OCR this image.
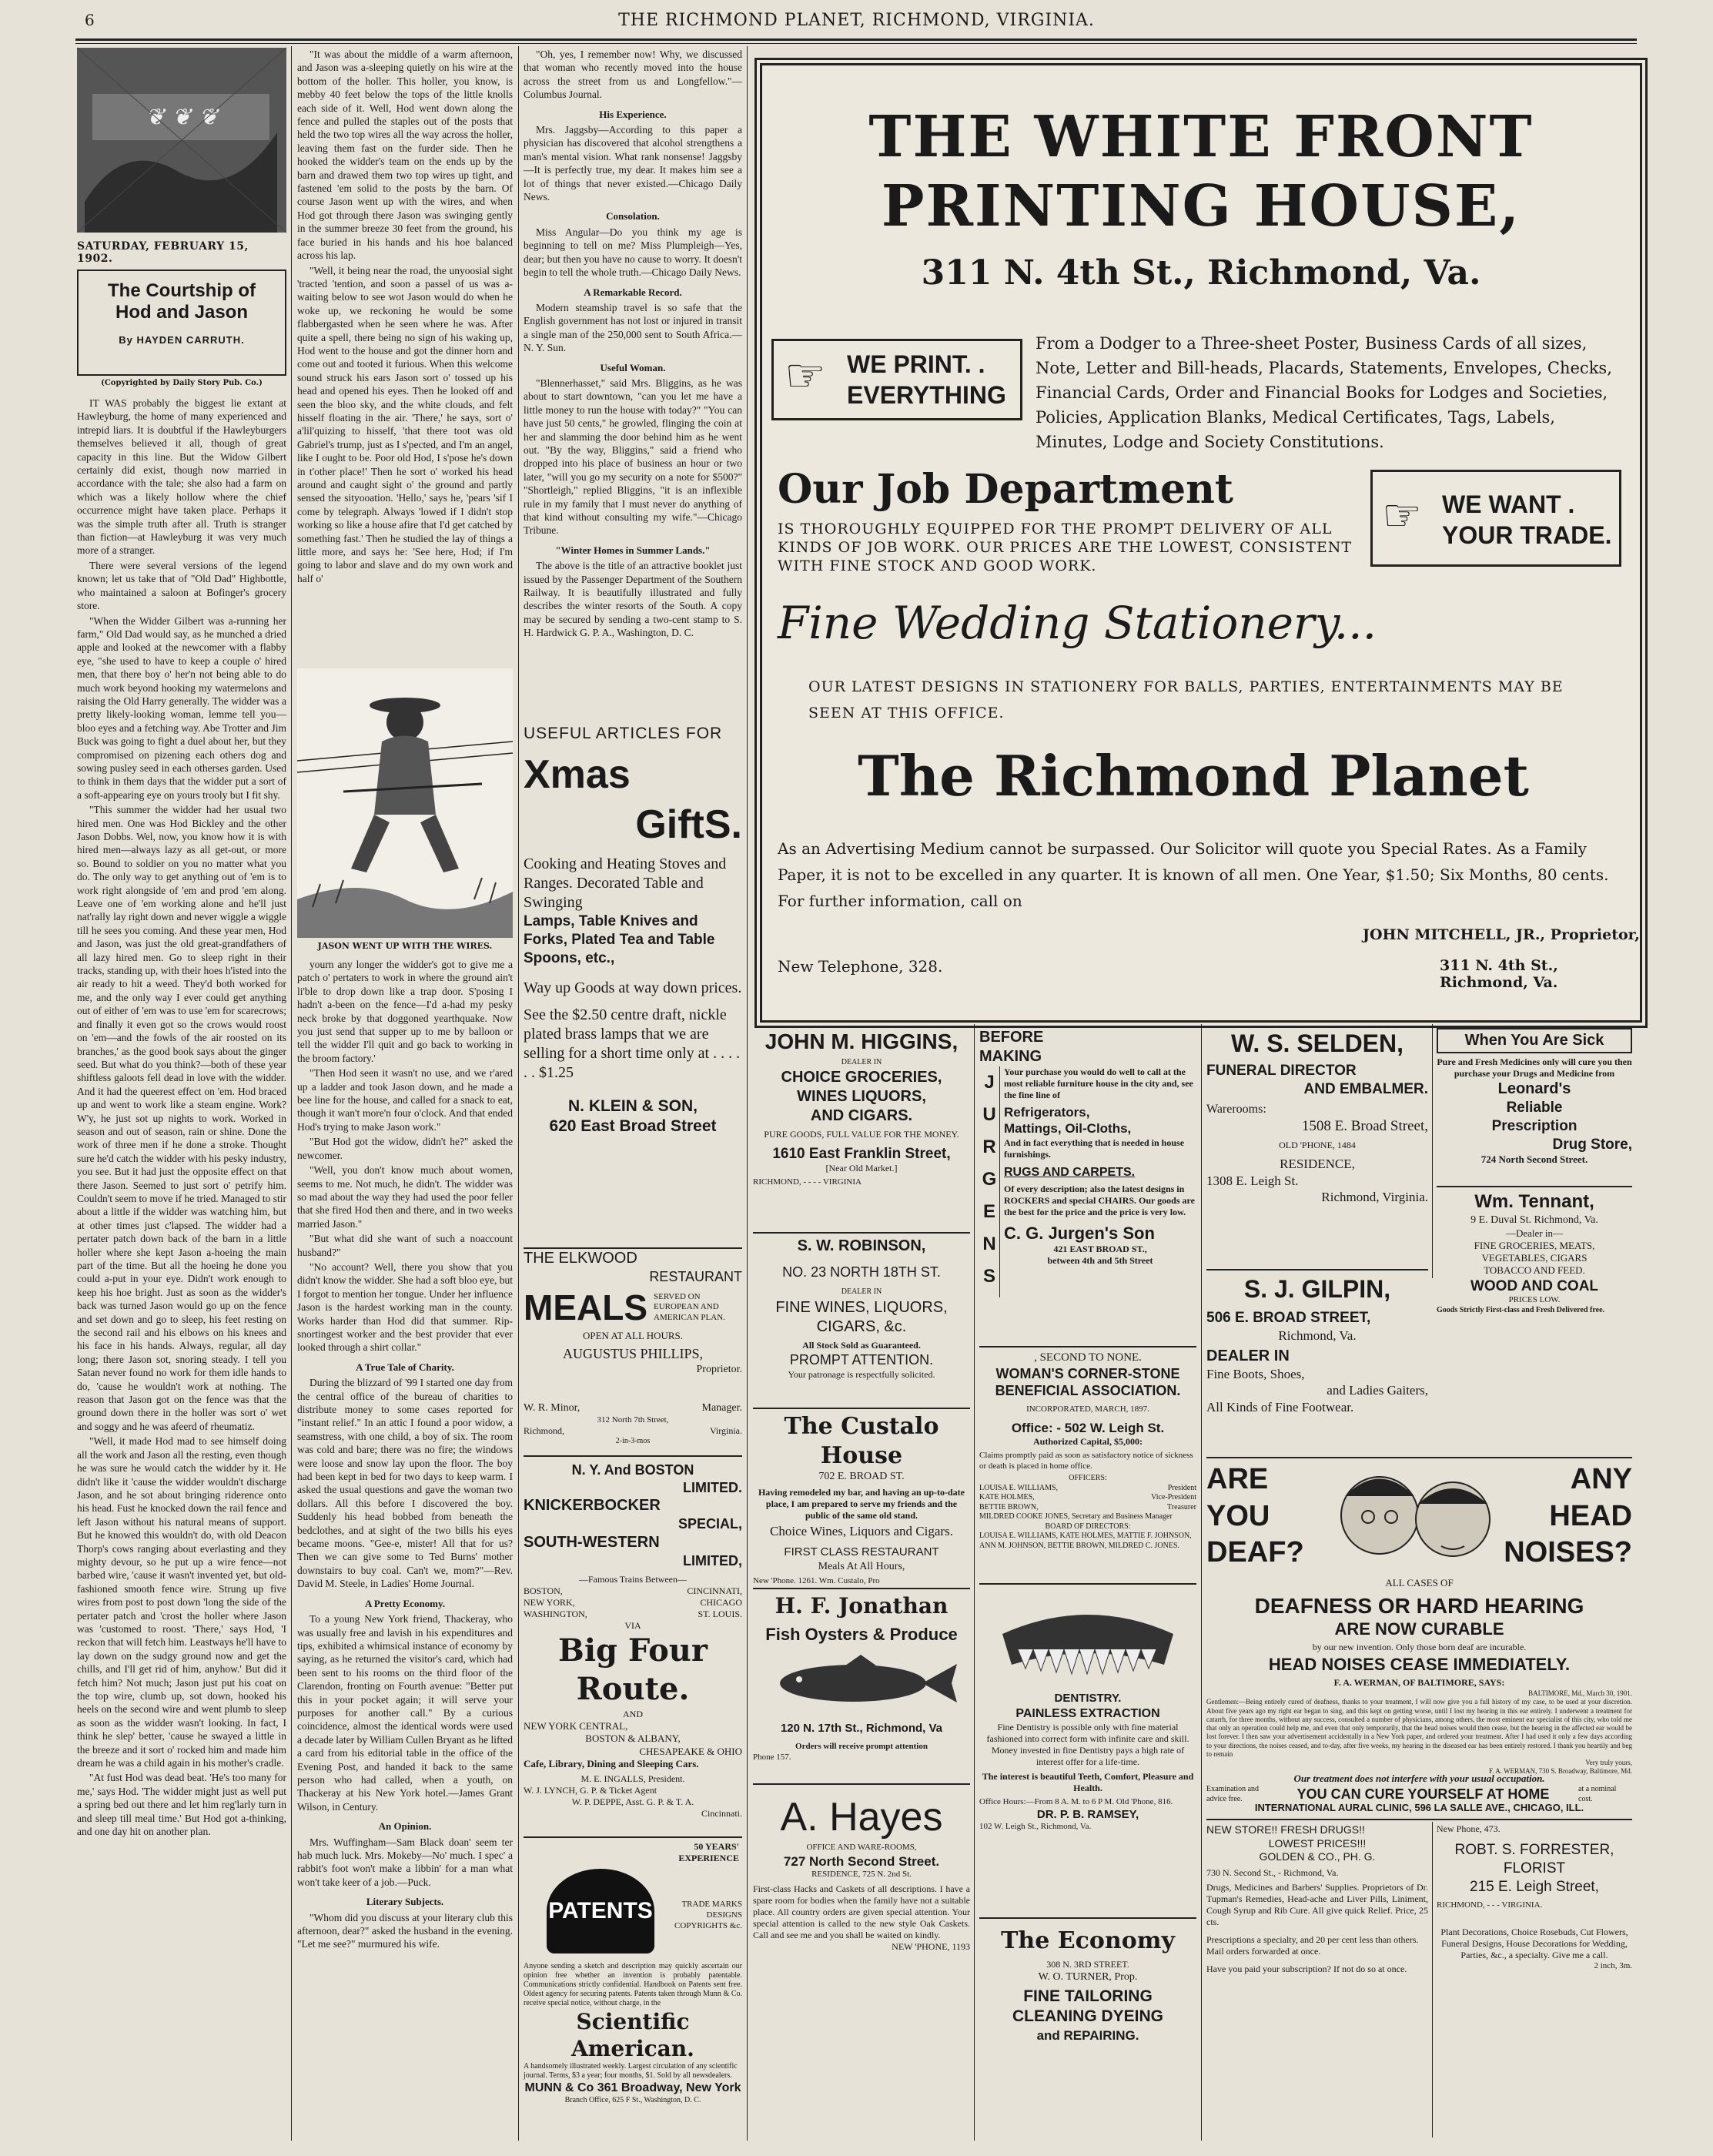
6	THE RICHMOND PLANET, RICHMOND, VIRGINIA.
❦ ❦ ❦
SATURDAY, FEBRUARY 15, 1902.
The Courtship of
Hod and Jason
By HAYDEN CARRUTH.
(Copyrighted by Daily Story Pub. Co.)

IT WAS probably the biggest lie extant at Hawleyburg, the home of many experienced and intrepid liars. It is doubtful if the Hawleyburgers themselves believed it all, though of great capacity in this line. But the Widow Gilbert certainly did exist, though now married in accordance with the tale; she also had a farm on which was a likely hollow where the chief occurrence might have taken place. Perhaps it was the simple truth after all. Truth is stranger than fiction—at Hawleyburg it was very much more of a stranger.

There were several versions of the legend known; let us take that of "Old Dad" Highbottle, who maintained a saloon at Bofinger's grocery store.

"When the Widder Gilbert was a-running her farm," Old Dad would say, as he munched a dried apple and looked at the newcomer with a flabby eye, "she used to have to keep a couple o' hired men, that there boy o' her'n not being able to do much work beyond hooking my watermelons and raising the Old Harry generally. The widder was a pretty likely-looking woman, lemme tell you—bloo eyes and a fetching way. Abe Trotter and Jim Buck was going to fight a duel about her, but they compromised on pizening each others dog and sowing pusley seed in each otherses garden. Used to think in them days that the widder put a sort of a soft-appearing eye on yours trooly but I fit shy.

"This summer the widder had her usual two hired men. One was Hod Bickley and the other Jason Dobbs. Wel, now, you know how it is with hired men—always lazy as all get-out, or more so. Bound to soldier on you no matter what you do. The only way to get anything out of 'em is to work right alongside of 'em and prod 'em along. Leave one of 'em working alone and he'll just nat'rally lay right down and never wiggle a wiggle till he sees you coming. And these year men, Hod and Jason, was just the old great-grandfathers of all lazy hired men. Go to sleep right in their tracks, standing up, with their hoes h'isted into the air ready to hit a weed. They'd both worked for me, and the only way I ever could get anything out of either of 'em was to use 'em for scarecrows; and finally it even got so the crows would roost on 'em—and the fowls of the air roosted on its branches,' as the good book says about the ginger seed. But what do you think?—both of these year shiftless galoots fell dead in love with the widder. And it had the queerest effect on 'em. Hod braced up and went to work like a steam engine. Work? W'y, he just sot up nights to work. Worked in season and out of season, rain or shine. Done the work of three men if he done a stroke. Thought sure he'd catch the widder with his pesky industry, you see. But it had just the opposite effect on that there Jason. Seemed to just sort o' petrify him. Couldn't seem to move if he tried. Managed to stir about a little if the widder was watching him, but at other times just c'lapsed. The widder had a pertater patch down back of the barn in a little holler where she kept Jason a-hoeing the main part of the time. But all the hoeing he done you could a-put in your eye. Didn't work enough to keep his hoe bright. Just as soon as the widder's back was turned Jason would go up on the fence and set down and go to sleep, his feet resting on the second rail and his elbows on his knees and his face in his hands. Always, regular, all day long; there Jason sot, snoring steady. I tell you Satan never found no work for them idle hands to do, 'cause he wouldn't work at nothing. The reason that Jason got on the fence was that the ground down there in the holler was sort o' wet and soggy and he was afeerd of rheumatiz.

"Well, it made Hod mad to see himself doing all the work and Jason all the resting, even though he was sure he would catch the widder by it. He didn't like it 'cause the widder wouldn't discharge Jason, and he sot about bringing riderence onto his head. Fust he knocked down the rail fence and left Jason without his natural means of support. But he knowed this wouldn't do, with old Deacon Thorp's cows ranging about everlasting and they mighty devour, so he put up a wire fence—not barbed wire, 'cause it wasn't invented yet, but old-fashioned smooth fence wire. Strung up five wires from post to post down 'long the side of the pertater patch and 'crost the holler where Jason was 'customed to roost. 'There,' says Hod, 'I reckon that will fetch him. Leastways he'll have to lay down on the sudgy ground now and get the chills, and I'll get rid of him, anyhow.' But did it fetch him? Not much; Jason just put his coat on the top wire, clumb up, sot down, hooked his heels on the second wire and went plumb to sleep as soon as the widder wasn't looking. In fact, I think he slep' better, 'cause he swayed a little in the breeze and it sort o' rocked him and made him dream he was a child again in his mother's cradle.

"At fust Hod was dead beat. 'He's too many for me,' says Hod. 'The widder might just as well put a spring bed out there and let him reg'larly turn in and sleep till meal time.' But Hod got a-thinking, and one day hit on another plan.

"It was about the middle of a warm afternoon, and Jason was a-sleeping quietly on his wire at the bottom of the holler. This holler, you know, is mebby 40 feet below the tops of the little knolls each side of it. Well, Hod went down along the fence and pulled the staples out of the posts that held the two top wires all the way across the holler, leaving them fast on the furder side. Then he hooked the widder's team on the ends up by the barn and drawed them two top wires up tight, and fastened 'em solid to the posts by the barn. Of course Jason went up with the wires, and when Hod got through there Jason was swinging gently in the summer breeze 30 feet from the ground, his face buried in his hands and his hoe balanced across his lap.

"Well, it being near the road, the unyoosial sight 'tracted 'tention, and soon a passel of us was a-waiting below to see wot Jason would do when he woke up, we reckoning he would be some flabbergasted when he seen where he was. After quite a spell, there being no sign of his waking up, Hod went to the house and got the dinner horn and come out and tooted it furious. When this welcome sound struck his ears Jason sort o' tossed up his head and opened his eyes. Then he looked off and seen the bloo sky, and the white clouds, and felt hisself floating in the air. 'There,' he says, sort o' a'lil'quizing to hisself, 'that there toot was old Gabriel's trump, just as I s'pected, and I'm an angel, like I ought to be. Poor old Hod, I s'pose he's down in t'other place!' Then he sort o' worked his head around and caught sight o' the ground and partly sensed the sityooation. 'Hello,' says he, 'pears 'sif I come by telegraph. Always 'lowed if I didn't stop working so like a house afire that I'd get catched by something fast.' Then he studied the lay of things a little more, and says he: 'See here, Hod; if I'm going to labor and slave and do my own work and half o'

JASON WENT UP WITH THE WIRES.

yourn any longer the widder's got to give me a patch o' pertaters to work in where the ground ain't li'ble to drop down like a trap door. S'posing I hadn't a-been on the fence—I'd a-had my pesky neck broke by that doggoned yearthquake. Now you just send that supper up to me by balloon or tell the widder I'll quit and go back to working in the broom factory.'

"Then Hod seen it wasn't no use, and we r'ared up a ladder and took Jason down, and he made a bee line for the house, and called for a snack to eat, though it wan't more'n four o'clock. And that ended Hod's trying to make Jason work."

"But Hod got the widow, didn't he?" asked the newcomer.

"Well, you don't know much about women, seems to me. Not much, he didn't. The widder was so mad about the way they had used the poor feller that she fired Hod then and there, and in two weeks married Jason."

"But what did she want of such a noaccount husband?"

"No account? Well, there you show that you didn't know the widder. She had a soft bloo eye, but I forgot to mention her tongue. Under her influence Jason is the hardest working man in the county. Works harder than Hod did that summer. Rip-snortingest worker and the best provider that ever looked through a shirt collar."

A True Tale of Charity.

During the blizzard of '99 I started one day from the central office of the bureau of charities to distribute money to some cases reported for "instant relief." In an attic I found a poor widow, a seamstress, with one child, a boy of six. The room was cold and bare; there was no fire; the windows were loose and snow lay upon the floor. The boy had been kept in bed for two days to keep warm. I asked the usual questions and gave the woman two dollars. All this before I discovered the boy. Suddenly his head bobbed from beneath the bedclothes, and at sight of the two bills his eyes became moons. "Gee-e, mister! All that for us? Then we can give some to Ted Burns' mother downstairs to buy coal. Can't we, mom?"—Rev. David M. Steele, in Ladies' Home Journal.

A Pretty Economy.

To a young New York friend, Thackeray, who was usually free and lavish in his expenditures and tips, exhibited a whimsical instance of economy by saying, as he returned the visitor's card, which had been sent to his rooms on the third floor of the Clarendon, fronting on Fourth avenue: "Better put this in your pocket again; it will serve your purposes for another call." By a curious coincidence, almost the identical words were used a decade later by William Cullen Bryant as he lifted a card from his editorial table in the office of the Evening Post, and handed it back to the same person who had called, when a youth, on Thackeray at his New York hotel.—James Grant Wilson, in Century.

An Opinion.

Mrs. Wuffingham—Sam Black doan' seem ter hab much luck. Mrs. Mokeby—No' much. I spec' a rabbit's foot won't make a libbin' for a man what won't take keer of a job.—Puck.

Literary Subjects.

"Whom did you discuss at your literary club this afternoon, dear?" asked the husband in the evening. "Let me see?" murmured his wife.

"Oh, yes, I remember now! Why, we discussed that woman who recently moved into the house across the street from us and Longfellow."—Columbus Journal.

His Experience.

Mrs. Jaggsby—According to this paper a physician has discovered that alcohol strengthens a man's mental vision. What rank nonsense! Jaggsby—It is perfectly true, my dear. It makes him see a lot of things that never existed.—Chicago Daily News.

Consolation.

Miss Angular—Do you think my age is beginning to tell on me? Miss Plumpleigh—Yes, dear; but then you have no cause to worry. It doesn't begin to tell the whole truth.—Chicago Daily News.

A Remarkable Record.

Modern steamship travel is so safe that the English government has not lost or injured in transit a single man of the 250,000 sent to South Africa.—N. Y. Sun.

Useful Woman.

"Blennerhasset," said Mrs. Bliggins, as he was about to start downtown, "can you let me have a little money to run the house with today?" "You can have just 50 cents," he growled, flinging the coin at her and slamming the door behind him as he went out. "By the way, Bliggins," said a friend who dropped into his place of business an hour or two later, "will you go my security on a note for $500?" "Shortleigh," replied Bliggins, "it is an inflexible rule in my family that I must never do anything of that kind without consulting my wife."—Chicago Tribune.

"Winter Homes in Summer Lands."

The above is the title of an attractive booklet just issued by the Passenger Department of the Southern Railway. It is beautifully illustrated and fully describes the winter resorts of the South. A copy may be secured by sending a two-cent stamp to S. H. Hardwick G. P. A., Washington, D. C.

USEFUL ARTICLES FOR
Xmas
GiftS.
Cooking and Heating Stoves and Ranges. Decorated Table and Swinging
Lamps, Table Knives and Forks, Plated Tea and Table Spoons, etc.,
Way up Goods at way down prices.
See the $2.50 centre draft, nickle plated brass lamps that we are selling for a short time only at . . . . . . $1.25
N. KLEIN & SON,
620 East Broad Street
THE ELKWOOD
RESTAURANT
MEALS SERVED ON EUROPEAN AND AMERICAN PLAN.
OPEN AT ALL HOURS.
AUGUSTUS PHILLIPS,
Proprietor.
W. R. Minor,	Manager.
312 North 7th Street,
Richmond,	Virginia.
2-in-3-mos
N. Y. And BOSTON
LIMITED.
KNICKERBOCKER
SPECIAL,
SOUTH-WESTERN
LIMITED,
—Famous Trains Between—
BOSTON,
NEW YORK,
WASHINGTON,
CINCINNATI,
CHICAGO
ST. LOUIS.
VIA
Big Four Route.
AND
NEW YORK CENTRAL,
BOSTON & ALBANY,
CHESAPEAKE & OHIO
Cafe, Library, Dining and Sleeping Cars.
M. E. INGALLS, President.
W. J. LYNCH, G. P. & Ticket Agent
W. P. DEPPE, Asst. G. P. & T. A.
Cincinnati.
50 YEARS' EXPERIENCE
PATENTS	TRADE MARKS
DESIGNS
COPYRIGHTS &c.
Anyone sending a sketch and description may quickly ascertain our opinion free whether an invention is probably patentable. Communications strictly confidential. Handbook on Patents sent free. Oldest agency for securing patents. Patents taken through Munn & Co. receive special notice, without charge, in the
Scientific American.
A handsomely illustrated weekly. Largest circulation of any scientific journal. Terms, $3 a year; four months, $1. Sold by all newsdealers.
MUNN & Co 361 Broadway, New York
Branch Office, 625 F St., Washington, D. C.
THE WHITE FRONT
PRINTING HOUSE,
311 N. 4th St., Richmond, Va.
☞ WE PRINT. .
EVERYTHING
From a Dodger to a Three-sheet Poster, Business Cards of all sizes, Note, Letter and Bill-heads, Placards, Statements, Envelopes, Checks, Financial Cards, Order and Financial Books for Lodges and Societies, Policies, Application Blanks, Medical Certificates, Tags, Labels, Minutes, Lodge and Society Constitutions.
Our Job Department
IS THOROUGHLY EQUIPPED FOR THE PROMPT DELIVERY OF ALL KINDS OF JOB WORK. OUR PRICES ARE THE LOWEST, CONSISTENT WITH FINE STOCK AND GOOD WORK.
☞ WE WANT .
YOUR TRADE.
Fine Wedding Stationery...
OUR LATEST DESIGNS IN STATIONERY FOR BALLS, PARTIES, ENTERTAINMENTS MAY BE SEEN AT THIS OFFICE.
The Richmond Planet
As an Advertising Medium cannot be surpassed. Our Solicitor will quote you Special Rates. As a Family Paper, it is not to be excelled in any quarter. It is known of all men. One Year, $1.50; Six Months, 80 cents. For further information, call on
JOHN MITCHELL, JR., Proprietor,
New Telephone, 328.	311 N. 4th St., Richmond, Va.
JOHN M. HIGGINS,
DEALER IN
CHOICE GROCERIES,
WINES LIQUORS,
AND CIGARS.
PURE GOODS, FULL VALUE FOR THE MONEY.
1610 East Franklin Street,
[Near Old Market.]
RICHMOND, - - - - VIRGINIA
S. W. ROBINSON,
NO. 23 NORTH 18TH ST.
DEALER IN
FINE WINES, LIQUORS,
CIGARS, &c.
All Stock Sold as Guaranteed.
PROMPT ATTENTION.
Your patronage is respectfully solicited.
The Custalo House
702 E. BROAD ST.
Having remodeled my bar, and having an up-to-date place, I am prepared to serve my friends and the public of the same old stand.
Choice Wines, Liquors and Cigars.
FIRST CLASS RESTAURANT
Meals At All Hours,
New 'Phone. 1261. Wm. Custalo, Pro
H. F. Jonathan
Fish Oysters & Produce
120 N. 17th St., Richmond, Va
Orders will receive prompt attention
Phone 157.
A. Hayes
OFFICE AND WARE-ROOMS,
727 North Second Street.
RESIDENCE, 725 N. 2nd St.
First-class Hacks and Caskets of all descriptions. I have a spare room for bodies when the family have not a suitable place. All country orders are given special attention. Your special attention is called to the new style Oak Caskets. Call and see me and you shall be waited on kindly.
NEW 'PHONE, 1193
BEFORE
MAKING
J
U
R
G
E
N
S
Your purchase you would do well to call at the most reliable furniture house in the city and, see the fine line of
Refrigerators,
Mattings, Oil-Cloths,
And in fact everything that is needed in house furnishings.
RUGS AND CARPETS.
Of every description; also the latest designs in ROCKERS and special CHAIRS. Our goods are the best for the price and the price is very low.
C. G. Jurgen's Son
421 EAST BROAD ST.,
between 4th and 5th Street
, SECOND TO NONE.
WOMAN'S CORNER-STONE
BENEFICIAL ASSOCIATION.
INCORPORATED, MARCH, 1897.
Office: - 502 W. Leigh St.
Authorized Capital, $5,000:
Claims promptly paid as soon as satisfactory notice of sickness or death is placed in home office.
OFFICERS:
LOUISA E. WILLIAMS,	President
KATE HOLMES,	Vice-President
BETTIE BROWN,	Treasurer
MILDRED COOKE JONES, Secretary and Business Manager
BOARD OF DIRECTORS:
LOUISA E. WILLIAMS, KATE HOLMES, MATTIE F. JOHNSON, ANN M. JOHNSON, BETTIE BROWN, MILDRED C. JONES.
DENTISTRY.
PAINLESS EXTRACTION
Fine Dentistry is possible only with fine material fashioned into correct form with infinite care and skill. Money invested in fine Dentistry pays a high rate of interest offer for a life-time.
The interest is beautiful Teeth, Comfort, Pleasure and Health.
Office Hours:—From 8 A. M. to 6 P M. Old 'Phone, 816.
DR. P. B. RAMSEY,
102 W. Leigh St., Richmond, Va.
The Economy
308 N. 3RD STREET.
W. O. TURNER, Prop.
FINE TAILORING
CLEANING DYEING
and REPAIRING.
W. S. SELDEN,
FUNERAL DIRECTOR
AND EMBALMER.
Warerooms:
1508 E. Broad Street,
OLD 'PHONE, 1484
RESIDENCE,
1308 E. Leigh St.
Richmond, Virginia.
S. J. GILPIN,
506 E. BROAD STREET,
Richmond, Va.
DEALER IN
Fine Boots, Shoes,
and Ladies Gaiters,
All Kinds of Fine Footwear.
When You Are Sick
Pure and Fresh Medicines only will cure you then purchase your Drugs and Medicine from
Leonard's
Reliable
Prescription
Drug Store,
724 North Second Street.
Wm. Tennant,
9 E. Duval St. Richmond, Va.
—Dealer in—
FINE GROCERIES, MEATS,
VEGETABLES, CIGARS
TOBACCO AND FEED.
WOOD AND COAL
PRICES LOW.
Goods Strictly First-class and Fresh Delivered free.
ARE
YOU
DEAF?
ANY
HEAD
NOISES?
ALL CASES OF
DEAFNESS OR HARD HEARING
ARE NOW CURABLE
by our new invention. Only those born deaf are incurable.
HEAD NOISES CEASE IMMEDIATELY.
F. A. WERMAN, OF BALTIMORE, SAYS:
BALTIMORE, Md., March 30, 1901.
Gentlemen:—Being entirely cured of deafness, thanks to your treatment, I will now give you a full history of my case, to be used at your discretion. About five years ago my right ear began to sing, and this kept on getting worse, until I lost my hearing in this ear entirely. I underwent a treatment for catarrh, for three months, without any success, consulted a number of physicians, among others, the most eminent ear specialist of this city, who told me that only an operation could help me, and even that only temporarily, that the head noises would then cease, but the hearing in the affected ear would be lost forever. I then saw your advertisement accidentally in a New York paper, and ordered your treatment. After I had used it only a few days according to your directions, the noises ceased, and to-day, after five weeks, my hearing in the diseased ear has been entirely restored. I thank you heartily and beg to remain
Very truly yours,
F. A. WERMAN, 730 S. Broadway, Baltimore, Md.
Our treatment does not interfere with your usual occupation.
Examination and advice free.	YOU CAN CURE YOURSELF AT HOME	at a nominal cost.
INTERNATIONAL AURAL CLINIC, 596 LA SALLE AVE., CHICAGO, ILL.
NEW STORE!! FRESH DRUGS!!
LOWEST PRICES!!!
GOLDEN & CO., PH. G.
730 N. Second St., - Richmond, Va.
Drugs, Medicines and Barbers' Supplies. Proprietors of Dr. Tupman's Remedies, Head-ache and Liver Pills, Liniment, Cough Syrup and Rib Cure. All give quick Relief. Price, 25 cts.
Prescriptions a specialty, and 20 per cent less than others. Mail orders forwarded at once.
Have you paid your subscription? If not do so at once.
New Phone, 473.
ROBT. S. FORRESTER,
FLORIST
215 E. Leigh Street,
RICHMOND, - - - VIRGINIA.
Plant Decorations, Choice Rosebuds, Cut Flowers, Funeral Designs, House Decorations for Wedding, Parties, &c., a specialty. Give me a call.
2 inch, 3m.
